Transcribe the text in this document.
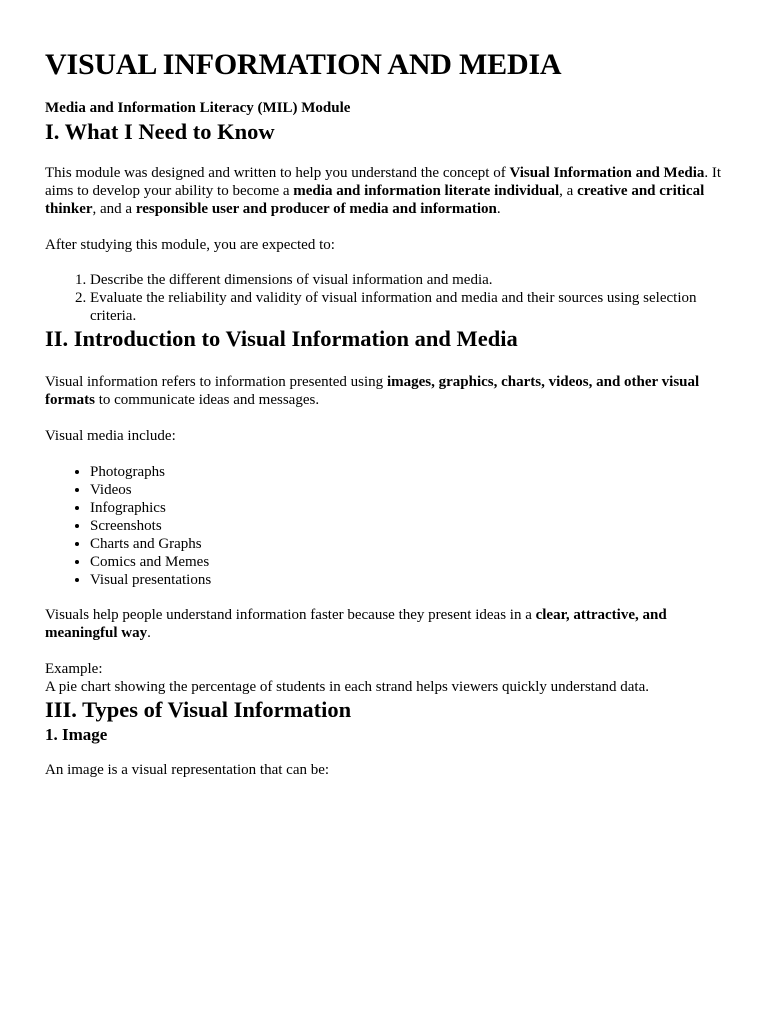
VISUAL INFORMATION AND MEDIA

Media and Information Literacy (MIL) Module

I. What I Need to Know

This module was designed and written to help you understand the concept of Visual Information and Media. It aims to develop your ability to become a media and information literate individual, a creative and critical thinker, and a responsible user and producer of media and information.

After studying this module, you are expected to:

1. Describe the different dimensions of visual information and media.
2. Evaluate the reliability and validity of visual information and media and their sources using selection criteria.
II. Introduction to Visual Information and Media

Visual information refers to information presented using images, graphics, charts, videos, and other visual formats to communicate ideas and messages.

Visual media include:

• Photographs
• Videos
• Infographics
• Screenshots
• Charts and Graphs
• Comics and Memes
• Visual presentations

Visuals help people understand information faster because they present ideas in a clear, attractive, and meaningful way.

Example:
A pie chart showing the percentage of students in each strand helps viewers quickly understand data.

III. Types of Visual Information
1. Image

An image is a visual representation that can be:
